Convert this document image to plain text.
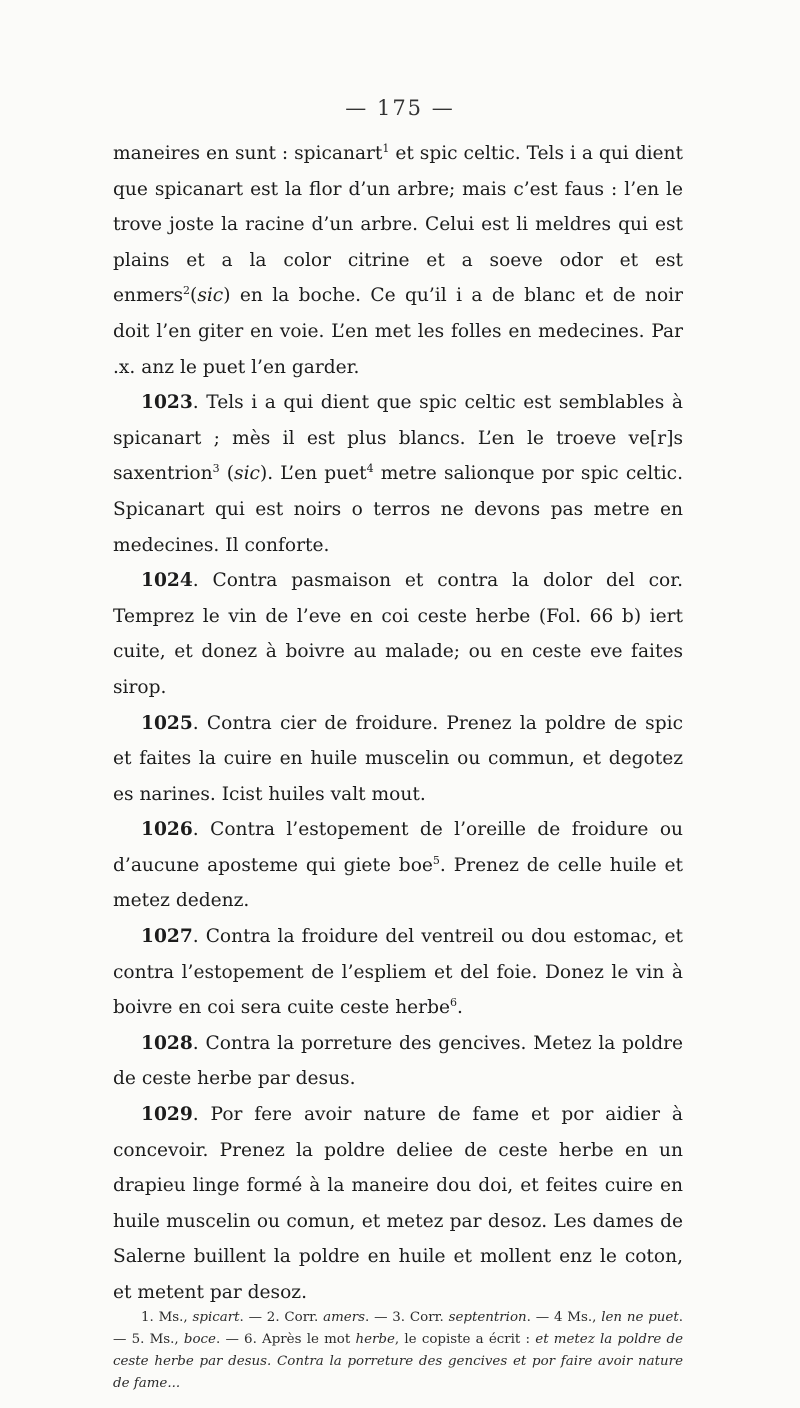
— 175 —

maneires en sunt : spicanart$^1$ et spic celtic. Tels i a qui dient que spicanart est la flor d’un arbre; mais c’est faus : l’en le trove joste la racine d’un arbre. Celui est li meldres qui est plains et a la color citrine et a soeve odor et est enmers$^2$(sic) en la boche. Ce qu’il i a de blanc et de noir doit l’en giter en voie. L’en met les folles en medecines. Par .x. anz le puet l’en garder.

1023. Tels i a qui dient que spic celtic est semblables à spicanart ; mès il est plus blancs. L’en le troeve ve[r]s saxentrion$^3$ (sic). L’en puet$^4$ metre salionque por spic celtic. Spicanart qui est noirs o terros ne devons pas metre en medecines. Il conforte.

1024. Contra pasmaison et contra la dolor del cor. Temprez le vin de l’eve en coi ceste herbe (Fol. 66 b) iert cuite, et donez à boivre au malade; ou en ceste eve faites sirop.

1025. Contra cier de froidure. Prenez la poldre de spic et faites la cuire en huile muscelin ou commun, et degotez es narines. Icist huiles valt mout.

1026. Contra l’estopement de l’oreille de froidure ou d’aucune aposteme qui giete boe$^5$. Prenez de celle huile et metez dedenz.

1027. Contra la froidure del ventreil ou dou estomac, et contra l’estopement de l’espliem et del foie. Donez le vin à boivre en coi sera cuite ceste herbe$^6$.

1028. Contra la porreture des gencives. Metez la poldre de ceste herbe par desus.

1029. Por fere avoir nature de fame et por aidier à concevoir. Prenez la poldre deliee de ceste herbe en un drapieu linge formé à la maneire dou doi, et feites cuire en huile muscelin ou comun, et metez par desoz. Les dames de Salerne buillent la poldre en huile et mollent enz le coton, et metent par desoz.

1. Ms., spicart. — 2. Corr. amers. — 3. Corr. septentrion. — 4 Ms., len ne puet. — 5. Ms., boce. — 6. Après le mot herbe, le copiste a écrit : et metez la poldre de ceste herbe par desus. Contra la porreture des gencives et por faire avoir nature de fame...
